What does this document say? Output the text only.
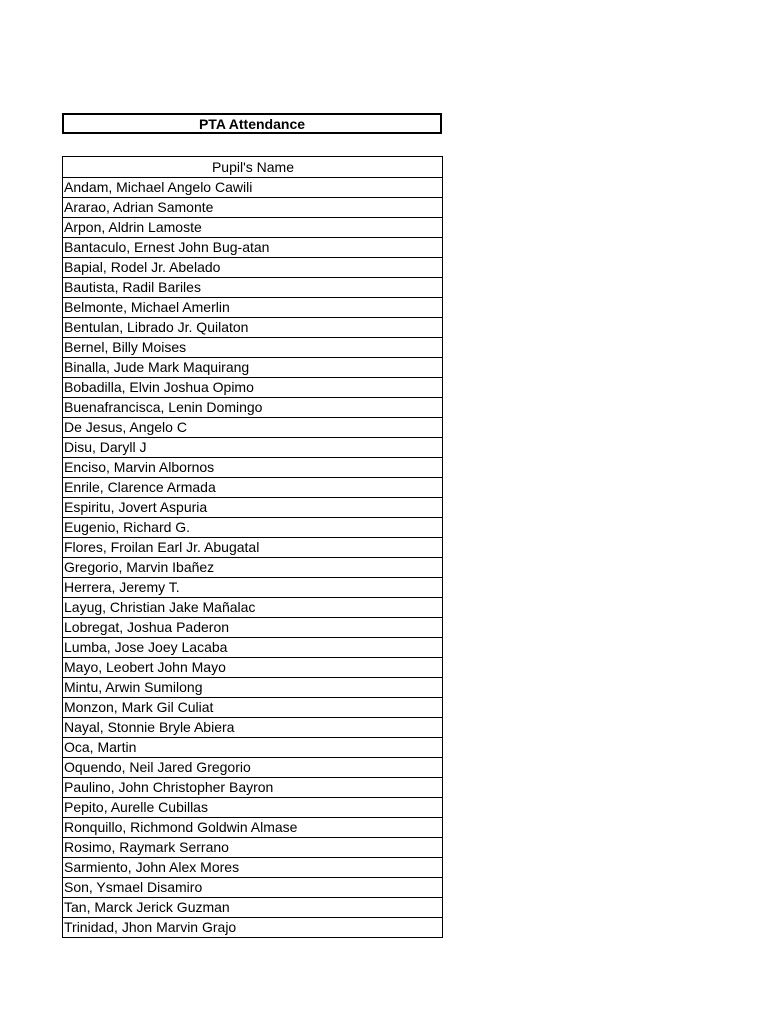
PTA Attendance
Pupil's Name
Andam, Michael Angelo Cawili
Ararao, Adrian Samonte
Arpon, Aldrin Lamoste
Bantaculo, Ernest John Bug-atan
Bapial, Rodel Jr. Abelado
Bautista, Radil Bariles
Belmonte, Michael Amerlin
Bentulan, Librado Jr. Quilaton
Bernel, Billy Moises
Binalla, Jude Mark Maquirang
Bobadilla, Elvin Joshua Opimo
Buenafrancisca, Lenin Domingo
De Jesus, Angelo C
Disu, Daryll J
Enciso, Marvin Albornos
Enrile, Clarence Armada
Espiritu, Jovert Aspuria
Eugenio, Richard G.
Flores, Froilan Earl Jr. Abugatal
Gregorio, Marvin Ibañez
Herrera, Jeremy T.
Layug, Christian Jake Mañalac
Lobregat, Joshua Paderon
Lumba, Jose Joey Lacaba
Mayo, Leobert John Mayo
Mintu, Arwin Sumilong
Monzon, Mark Gil Culiat
Nayal, Stonnie Bryle Abiera
Oca, Martin
Oquendo, Neil Jared Gregorio
Paulino, John Christopher Bayron
Pepito, Aurelle Cubillas
Ronquillo, Richmond Goldwin Almase
Rosimo, Raymark Serrano
Sarmiento, John Alex Mores
Son, Ysmael Disamiro
Tan, Marck Jerick Guzman
Trinidad, Jhon Marvin Grajo
